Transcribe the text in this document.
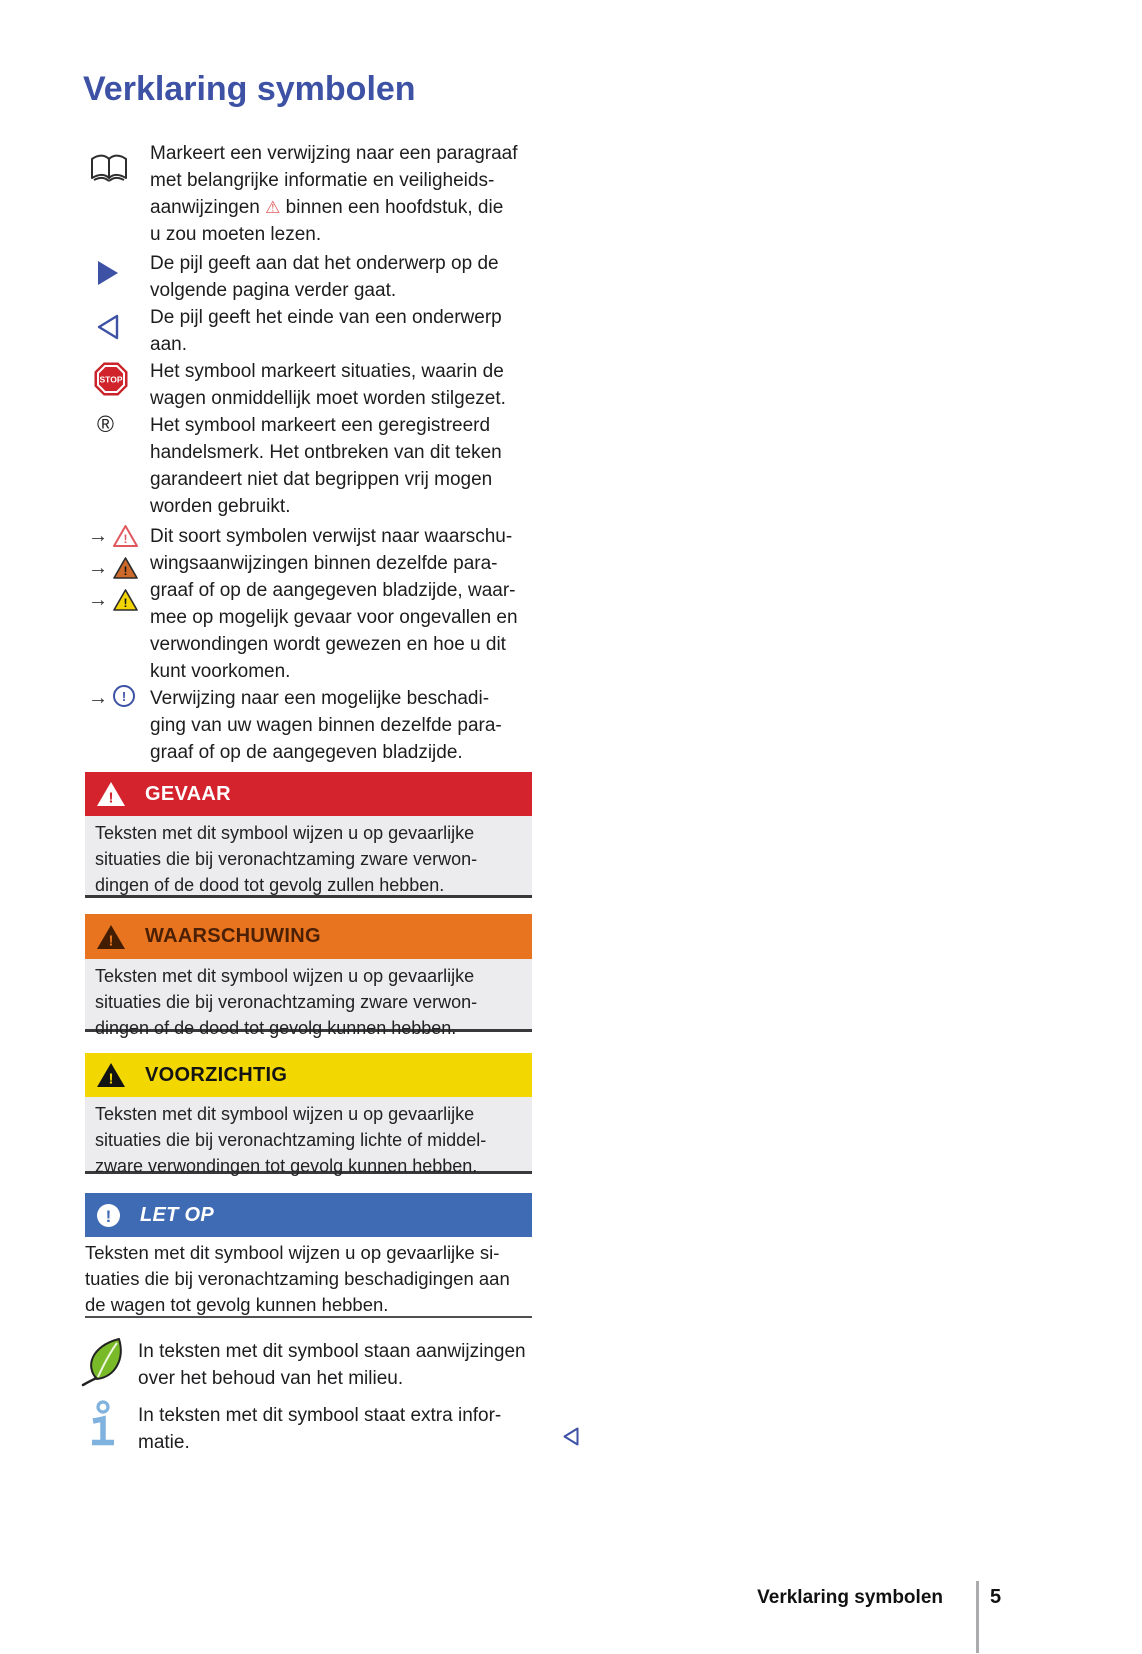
Verklaring symbolen
Markeert een verwijzing naar een paragraaf
met belangrijke informatie en veiligheids-
aanwijzingen ⚠ binnen een hoofdstuk, die
u zou moeten lezen.
De pijl geeft aan dat het onderwerp op de
volgende pagina verder gaat.
De pijl geeft het einde van een onderwerp
aan.
STOP Het symbool markeert situaties, waarin de
wagen onmiddellijk moet worden stilgezet.
® Het symbool markeert een geregistreerd
handelsmerk. Het ontbreken van dit teken
garandeert niet dat begrippen vrij mogen
worden gebruikt.
→ !
→ !
→ !
Dit soort symbolen verwijst naar waarschu-
wingsaanwijzingen binnen dezelfde para-
graaf of op de aangegeven bladzijde, waar-
mee op mogelijk gevaar voor ongevallen en
verwondingen wordt gewezen en hoe u dit
kunt voorkomen.
→ ! Verwijzing naar een mogelijke beschadi-
ging van uw wagen binnen dezelfde para-
graaf of op de aangegeven bladzijde.
! GEVAAR
Teksten met dit symbool wijzen u op gevaarlijke
situaties die bij veronachtzaming zware verwon-
dingen of de dood tot gevolg zullen hebben.
! WAARSCHUWING
Teksten met dit symbool wijzen u op gevaarlijke
situaties die bij veronachtzaming zware verwon-
dingen of de dood tot gevolg kunnen hebben.
! VOORZICHTIG
Teksten met dit symbool wijzen u op gevaarlijke
situaties die bij veronachtzaming lichte of middel-
zware verwondingen tot gevolg kunnen hebben.
! LET OP
Teksten met dit symbool wijzen u op gevaarlijke si-
tuaties die bij veronachtzaming beschadigingen aan
de wagen tot gevolg kunnen hebben.
In teksten met dit symbool staan aanwijzingen
over het behoud van het milieu.
In teksten met dit symbool staat extra infor-
matie.
Verklaring symbolen 5
